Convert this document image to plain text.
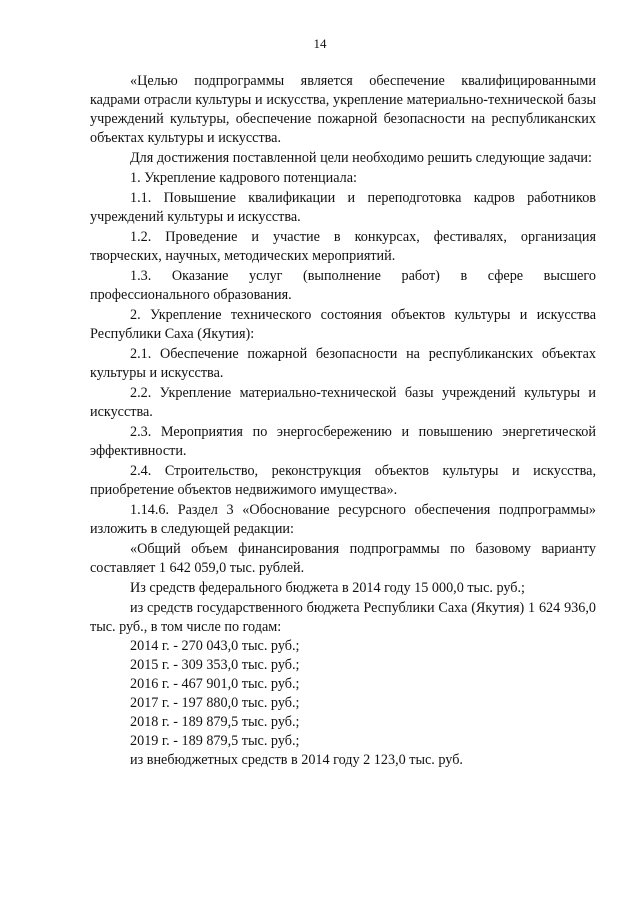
14

«Целью подпрограммы является обеспечение квалифицированными кадрами отрасли культуры и искусства, укрепление материально-технической базы учреждений культуры, обеспечение пожарной безопасности на республиканских объектах культуры и искусства.

Для достижения поставленной цели необходимо решить следующие задачи:

1. Укрепление кадрового потенциала:

1.1. Повышение квалификации и переподготовка кадров работников учреждений культуры и искусства.

1.2. Проведение и участие в конкурсах, фестивалях, организация творческих, научных, методических мероприятий.

1.3. Оказание услуг (выполнение работ) в сфере высшего профессионального образования.

2. Укрепление технического состояния объектов культуры и искусства Республики Саха (Якутия):

2.1. Обеспечение пожарной безопасности на республиканских объектах культуры и искусства.

2.2. Укрепление материально-технической базы учреждений культуры и искусства.

2.3. Мероприятия по энергосбережению и повышению энергетической эффективности.

2.4. Строительство, реконструкция объектов культуры и искусства, приобретение объектов недвижимого имущества».

1.14.6. Раздел 3 «Обоснование ресурсного обеспечения подпрограммы» изложить в следующей редакции:

«Общий объем финансирования подпрограммы по базовому варианту составляет 1 642 059,0 тыс. рублей.

Из средств федерального бюджета в 2014 году 15 000,0 тыс. руб.;

из средств государственного бюджета Республики Саха (Якутия) 1 624 936,0 тыс. руб., в том числе по годам:

2014 г. - 270 043,0 тыс. руб.;

2015 г. - 309 353,0 тыс. руб.;

2016 г. - 467 901,0 тыс. руб.;

2017 г. - 197 880,0 тыс. руб.;

2018 г. - 189 879,5 тыс. руб.;

2019 г. - 189 879,5 тыс. руб.;

из внебюджетных средств в 2014 году 2 123,0 тыс. руб.
